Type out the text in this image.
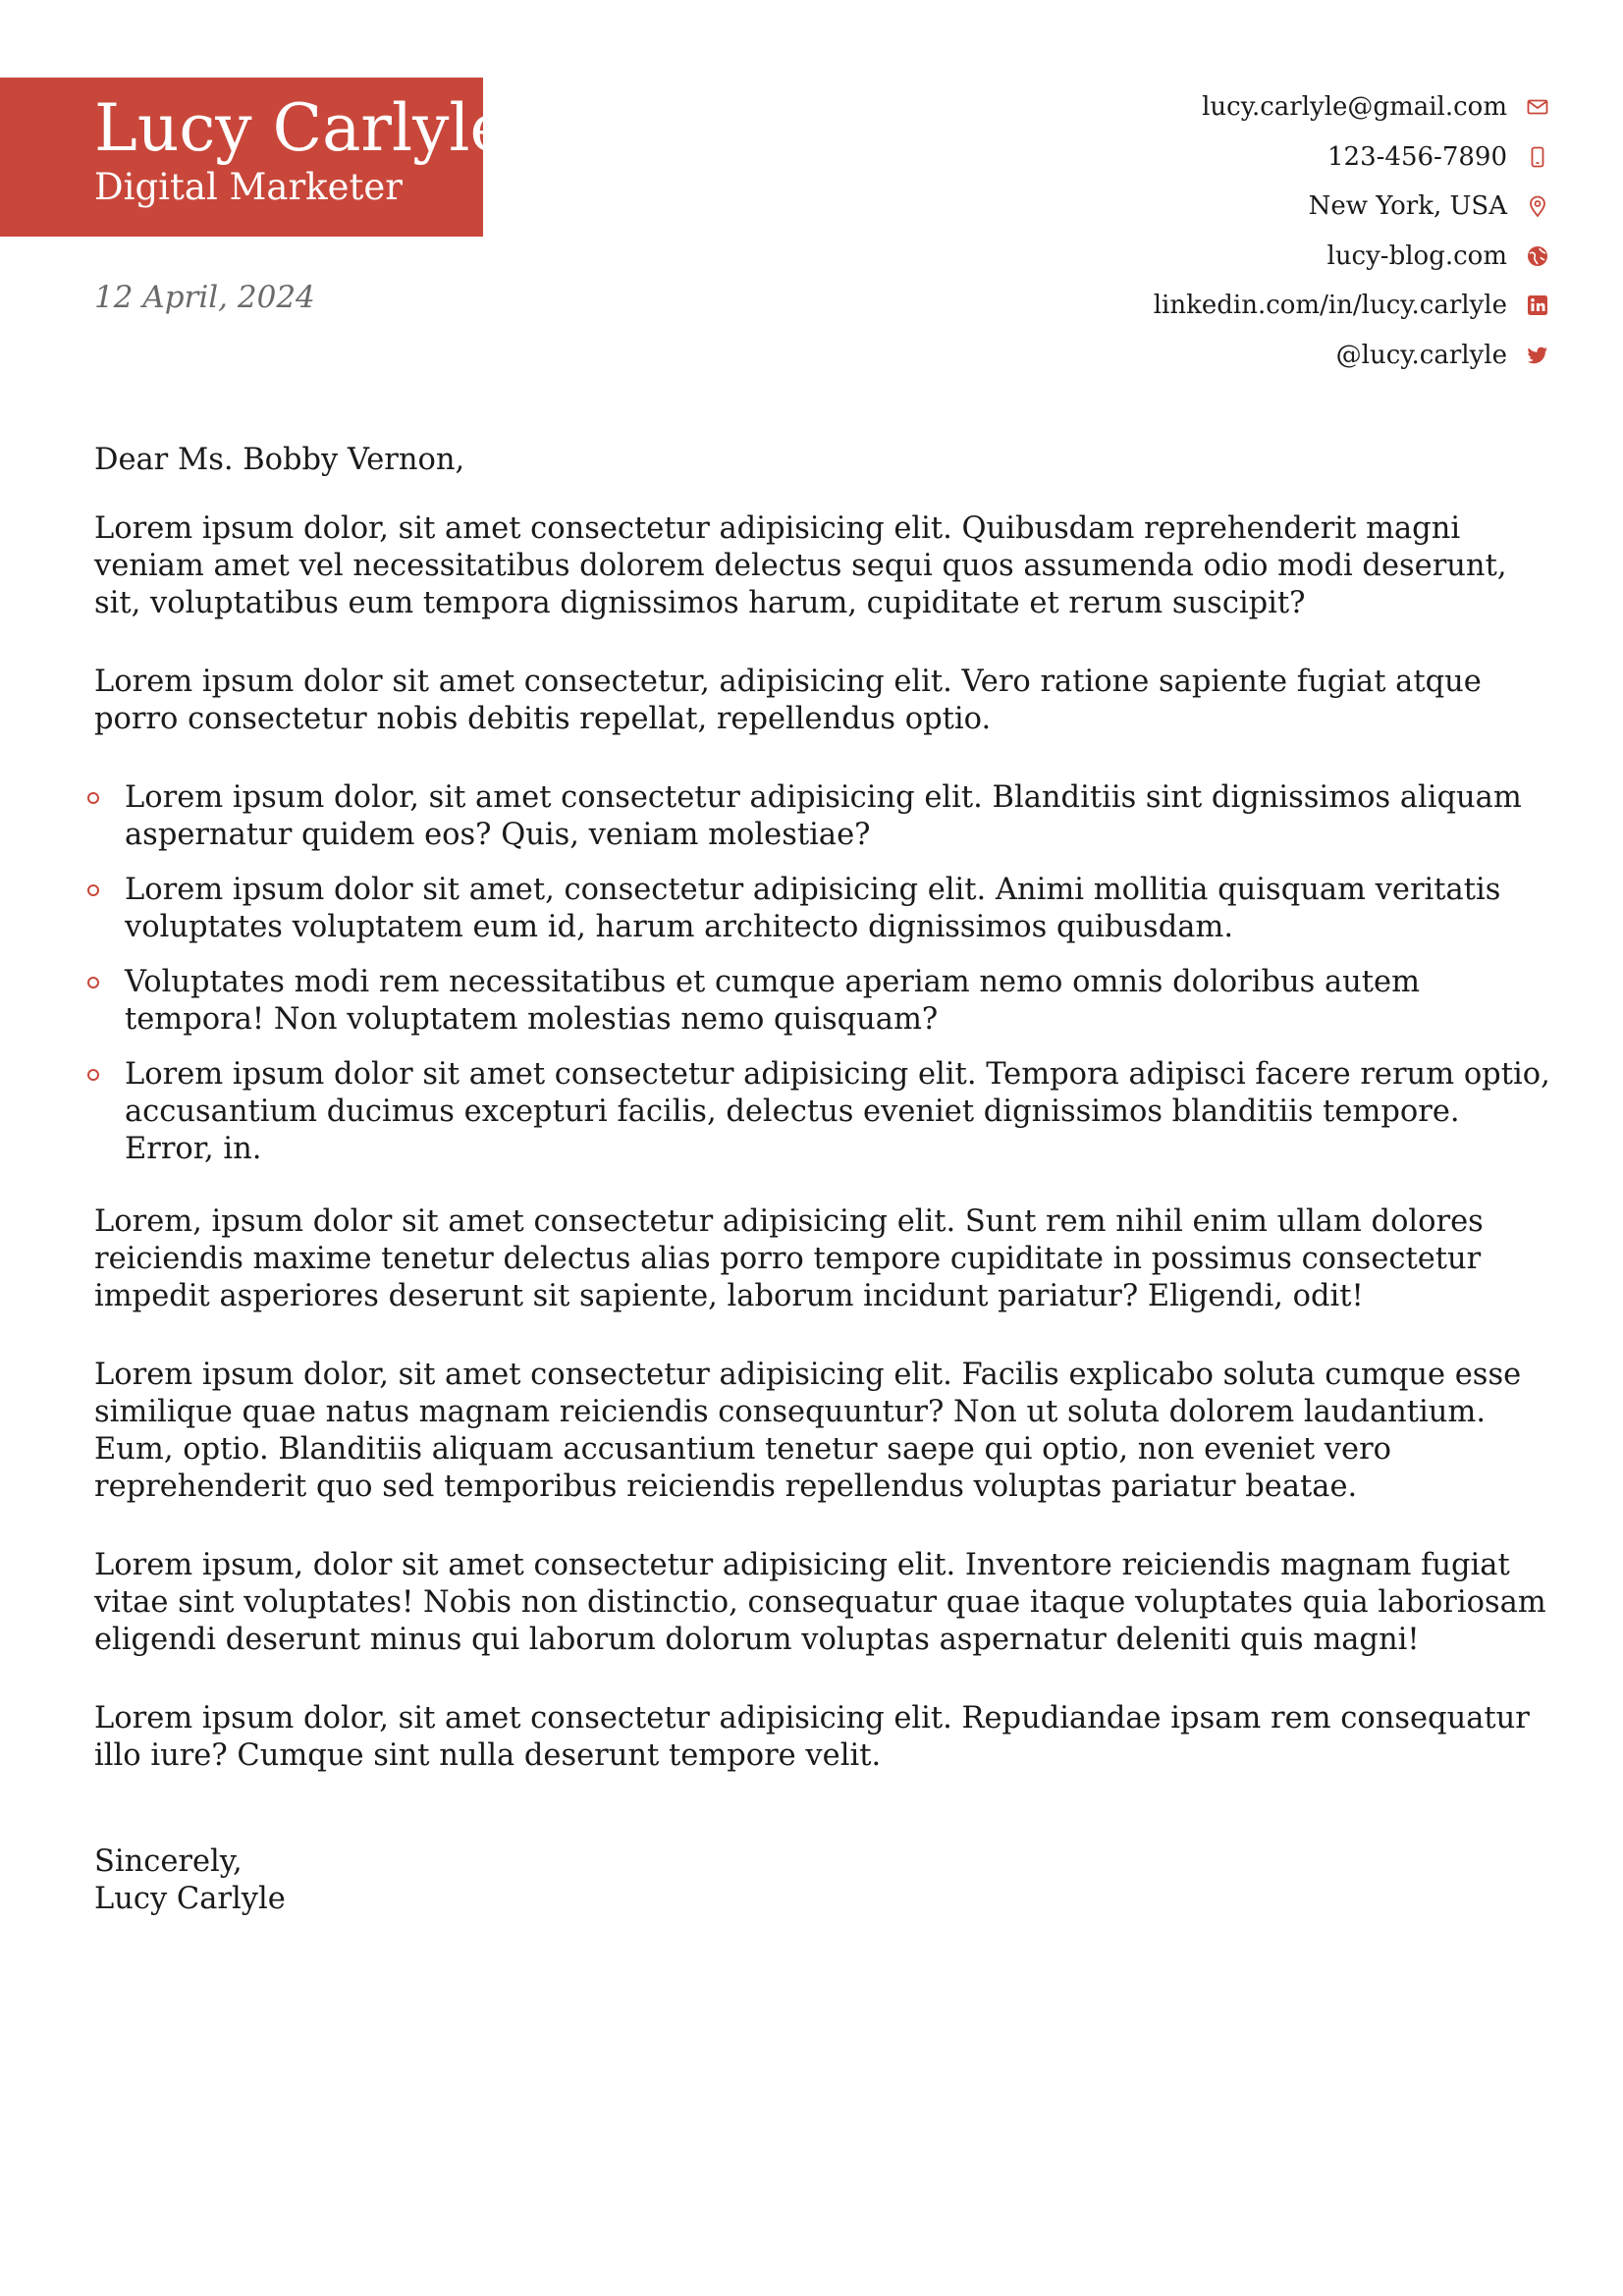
Lucy Carlyle
Digital Marketer
12 April, 2024
lucy.carlyle@gmail.com
123-456-7890
New York, USA
lucy-blog.com
linkedin.com/in/lucy.carlyle
@lucy.carlyle

Dear Ms. Bobby Vernon,

Lorem ipsum dolor, sit amet consectetur adipisicing elit. Quibusdam reprehenderit magni veniam amet vel necessitatibus dolorem delectus sequi quos assumenda odio modi deserunt, sit, voluptatibus eum tempora dignissimos harum, cupiditate et rerum suscipit?

Lorem ipsum dolor sit amet consectetur, adipisicing elit. Vero ratione sapiente fugiat atque porro consectetur nobis debitis repellat, repellendus optio.

Lorem ipsum dolor, sit amet consectetur adipisicing elit. Blanditiis sint dignissimos aliquam aspernatur quidem eos? Quis, veniam molestiae?
Lorem ipsum dolor sit amet, consectetur adipisicing elit. Animi mollitia quisquam veritatis voluptates voluptatem eum id, harum architecto dignissimos quibusdam.
Voluptates modi rem necessitatibus et cumque aperiam nemo omnis doloribus autem tempora! Non voluptatem molestias nemo quisquam?
Lorem ipsum dolor sit amet consectetur adipisicing elit. Tempora adipisci facere rerum optio, accusantium ducimus excepturi facilis, delectus eveniet dignissimos blanditiis tempore. Error, in.

Lorem, ipsum dolor sit amet consectetur adipisicing elit. Sunt rem nihil enim ullam dolores reiciendis maxime tenetur delectus alias porro tempore cupiditate in possimus consectetur impedit asperiores deserunt sit sapiente, laborum incidunt pariatur? Eligendi, odit!

Lorem ipsum dolor, sit amet consectetur adipisicing elit. Facilis explicabo soluta cumque esse similique quae natus magnam reiciendis consequuntur? Non ut soluta dolorem laudantium. Eum, optio. Blanditiis aliquam accusantium tenetur saepe qui optio, non eveniet vero reprehenderit quo sed temporibus reiciendis repellendus voluptas pariatur beatae.

Lorem ipsum, dolor sit amet consectetur adipisicing elit. Inventore reiciendis magnam fugiat vitae sint voluptates! Nobis non distinctio, consequatur quae itaque voluptates quia laboriosam eligendi deserunt minus qui laborum dolorum voluptas aspernatur deleniti quis magni!

Lorem ipsum dolor, sit amet consectetur adipisicing elit. Repudiandae ipsam rem consequatur illo iure? Cumque sint nulla deserunt tempore velit.

Sincerely,
Lucy Carlyle
